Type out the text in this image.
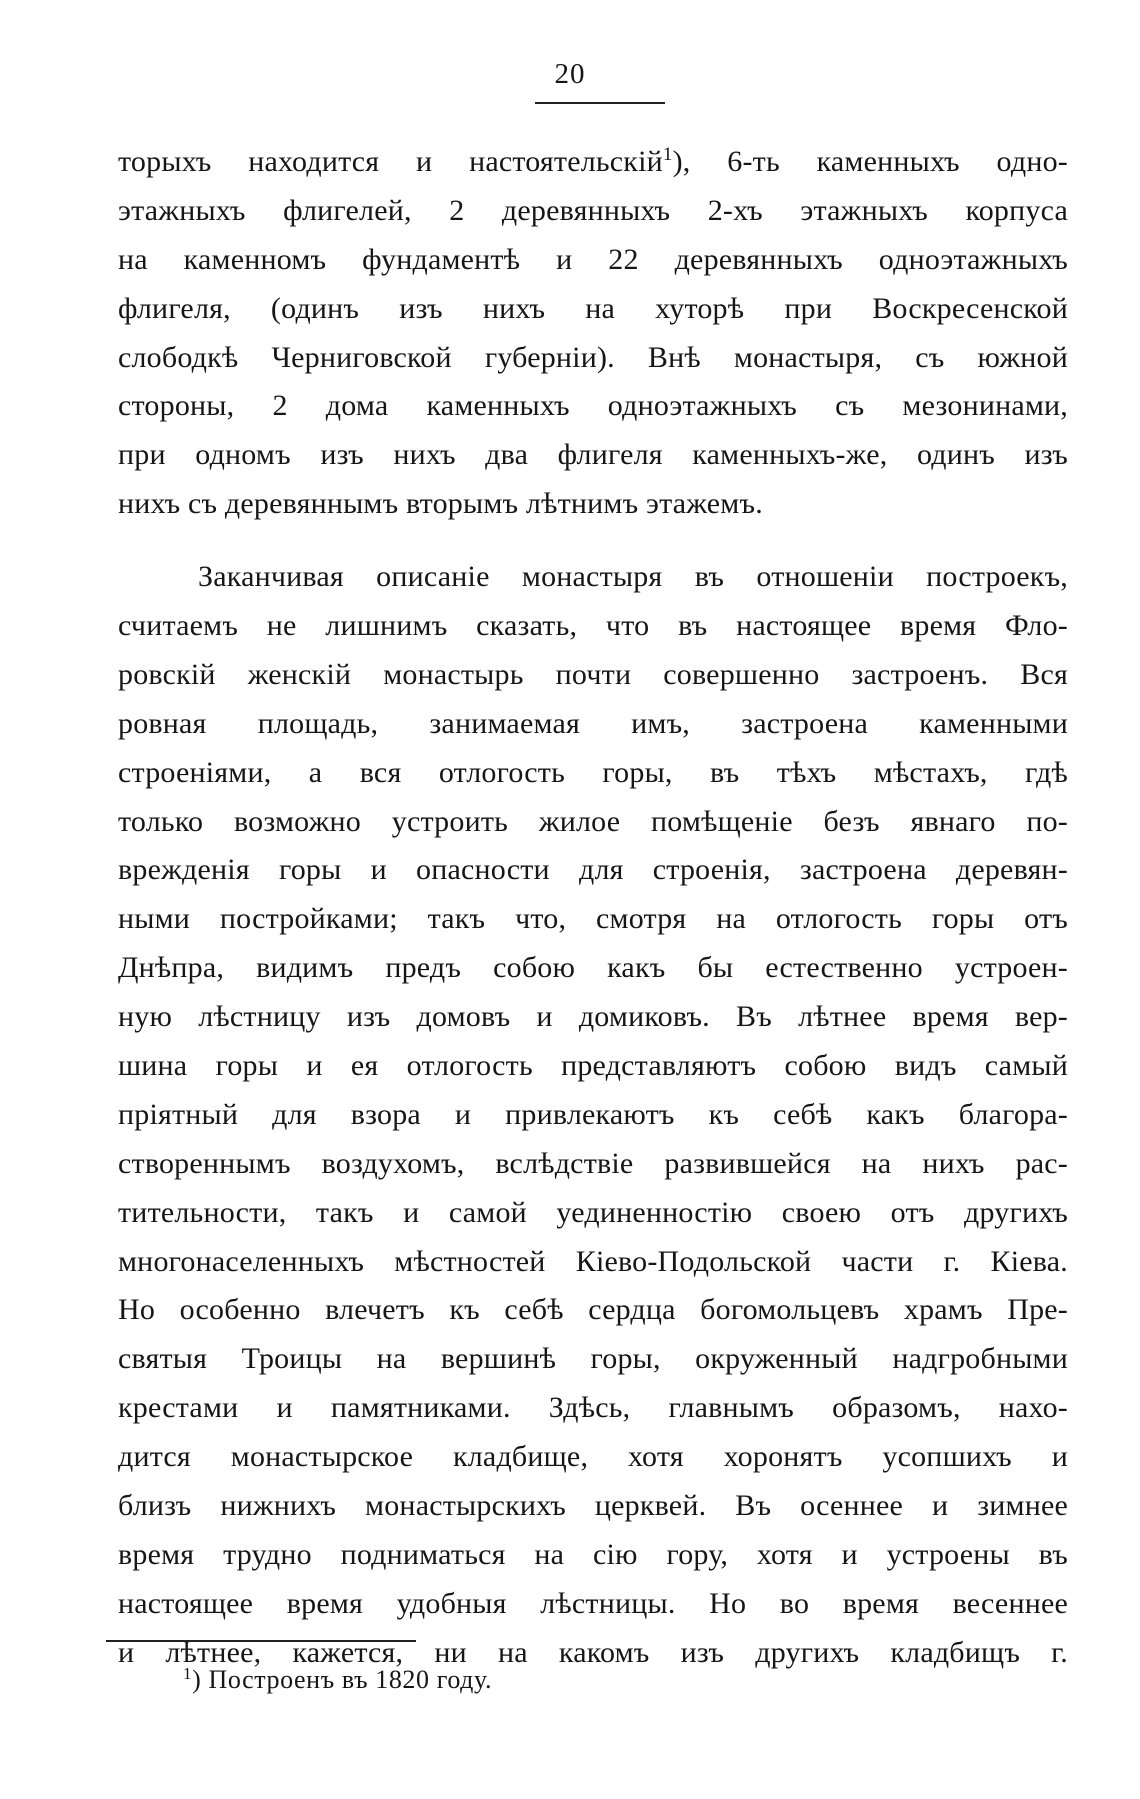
20
торыхъ находится и настоятельскій$^1$), 6-ть каменныхъ одно-
этажныхъ флигелей, 2 деревянныхъ 2-хъ этажныхъ корпуса
на каменномъ фундаментѣ и 22 деревянныхъ одноэтажныхъ
флигеля, (одинъ изъ нихъ на хуторѣ при Воскресенской
слободкѣ Черниговской губерніи). Внѣ монастыря, съ южной
стороны, 2 дома каменныхъ одноэтажныхъ съ мезонинами,
при одномъ изъ нихъ два флигеля каменныхъ-же, одинъ изъ
нихъ съ деревяннымъ вторымъ лѣтнимъ этажемъ.
Заканчивая описаніе монастыря въ отношеніи построекъ,
считаемъ не лишнимъ сказать, что въ настоящее время Фло-
ровскій женскій монастырь почти совершенно застроенъ. Вся
ровная площадь, занимаемая имъ, застроена каменными
строеніями, а вся отлогость горы, въ тѣхъ мѣстахъ, гдѣ
только возможно устроить жилое помѣщеніе безъ явнаго по-
врежденія горы и опасности для строенія, застроена деревян-
ными постройками; такъ что, смотря на отлогость горы отъ
Днѣпра, видимъ предъ собою какъ бы естественно устроен-
ную лѣстницу изъ домовъ и домиковъ. Въ лѣтнее время вер-
шина горы и ея отлогость представляютъ собою видъ самый
пріятный для взора и привлекаютъ къ себѣ какъ благора-
створеннымъ воздухомъ, вслѣдствіе развившейся на нихъ рас-
тительности, такъ и самой уединенностію своею отъ другихъ
многонаселенныхъ мѣстностей Кіево-Подольской части г. Кіева.
Но особенно влечетъ къ себѣ сердца богомольцевъ храмъ Пре-
святыя Троицы на вершинѣ горы, окруженный надгробными
крестами и памятниками. Здѣсь, главнымъ образомъ, нахо-
дится монастырское кладбище, хотя хоронятъ усопшихъ и
близъ нижнихъ монастырскихъ церквей. Въ осеннее и зимнее
время трудно подниматься на сію гору, хотя и устроены въ
настоящее время удобныя лѣстницы. Но во время весеннее
и лѣтнее, кажется, ни на какомъ изъ другихъ кладбищъ г.
$^1$) Построенъ въ 1820 году.
